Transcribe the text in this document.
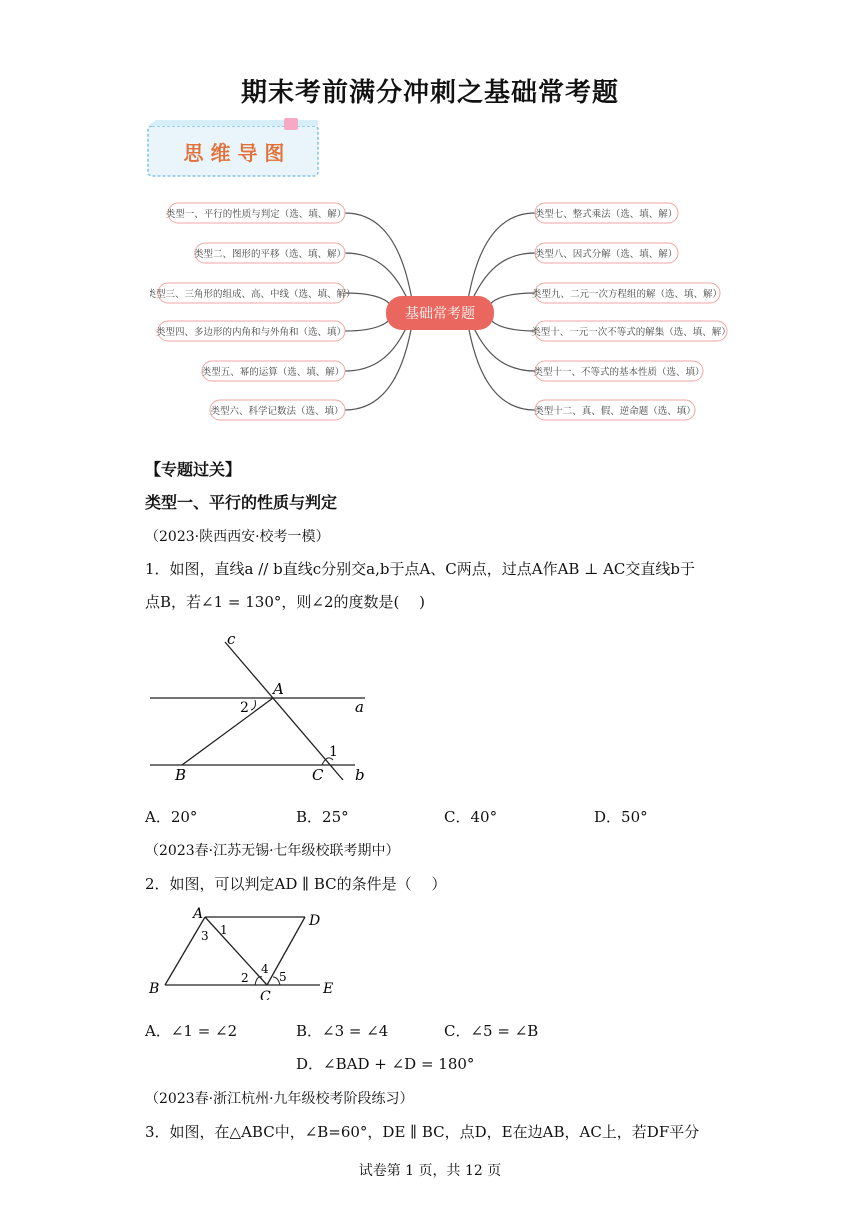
期末考前满分冲刺之基础常考题
思 维 导 图
基础常考题
类型一、平行的性质与判定（选、填、解）
类型二、图形的平移（选、填、解）
类型三、三角形的组成、高、中线（选、填、解）
类型四、多边形的内角和与外角和（选、填）
类型五、幂的运算（选、填、解）
类型六、科学记数法（选、填）
类型七、整式乘法（选、填、解）
类型八、因式分解（选、填、解）
类型九、二元一次方程组的解（选、填、解）
类型十、一元一次不等式的解集（选、填、解）
类型十一、不等式的基本性质（选、填）
类型十二、真、假、逆命题（选、填）
【专题过关】
类型一、平行的性质与判定
（2023·陕西西安·校考一模）
1．如图，直线a // b直线c分别交a,b于点A、C两点，过点A作AB ⊥ AC交直线b于
点B，若∠1 = 130°，则∠2的度数是(　 )
c
A
a
2
1
B	C b
A．20°	B．25°	C．40°	D．50°
（2023春·江苏无锡·七年级校联考期中）
2．如图，可以判定AD ∥ BC的条件是（　 ）
A	D
B	C	E
1
2
3
4
5
A．∠1 = ∠2	B．∠3 = ∠4	C．∠5 = ∠B
D．∠BAD + ∠D = 180°
（2023春·浙江杭州·九年级校考阶段练习）
3．如图，在△ABC中，∠B=60°，DE ∥ BC，点D，E在边AB，AC上，若DF平分
试卷第 1 页，共 12 页
